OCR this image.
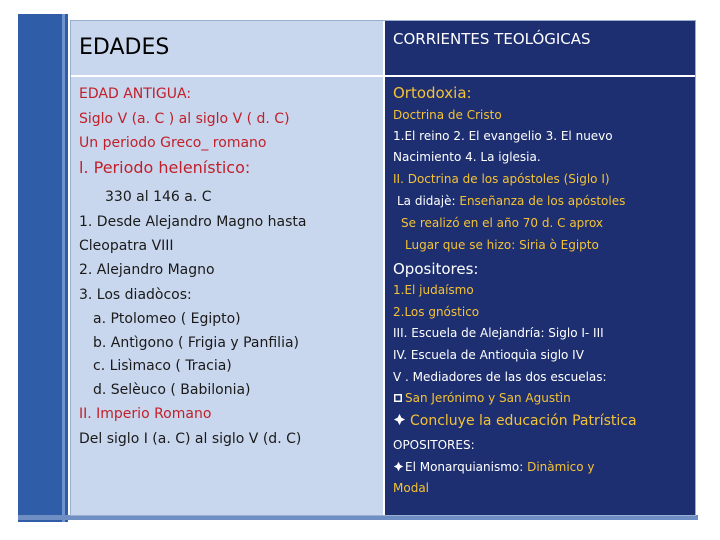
EDADES	CORRIENTES TEOLÓGICAS
EDAD ANTIGUA:
Siglo V (a. C ) al siglo V ( d. C)
Un periodo Greco_ romano
l. Periodo helenístico:
330 al 146 a. C
1. Desde Alejandro Magno hasta
Cleopatra VIII
2. Alejandro Magno
3. Los diadòcos:
a. Ptolomeo ( Egipto)
b. Antìgono ( Frigia y Panfilia)
c. Lisìmaco ( Tracia)
d. Selèuco ( Babilonia)
II. Imperio Romano
Del siglo I (a. C) al siglo V (d. C)
Ortodoxia:
Doctrina de Cristo
1.El reino 2. El evangelio 3. El nuevo
Nacimiento 4. La iglesia.
II. Doctrina de los apóstoles (Siglo I)
La didajè: Enseñanza de los apóstoles
Se realizó en el año 70 d. C aprox
Lugar que se hizo: Siria ò Egipto
Opositores:
1.El judaísmo
2.Los gnóstico
III. Escuela de Alejandría: Siglo I- III
IV. Escuela de Antioquìa siglo IV
V . Mediadores de las dos escuelas:
San Jerónimo y San Agustìn
Concluye la educación Patrística
OPOSITORES:
El Monarquianismo: Dinàmico y
Modal
